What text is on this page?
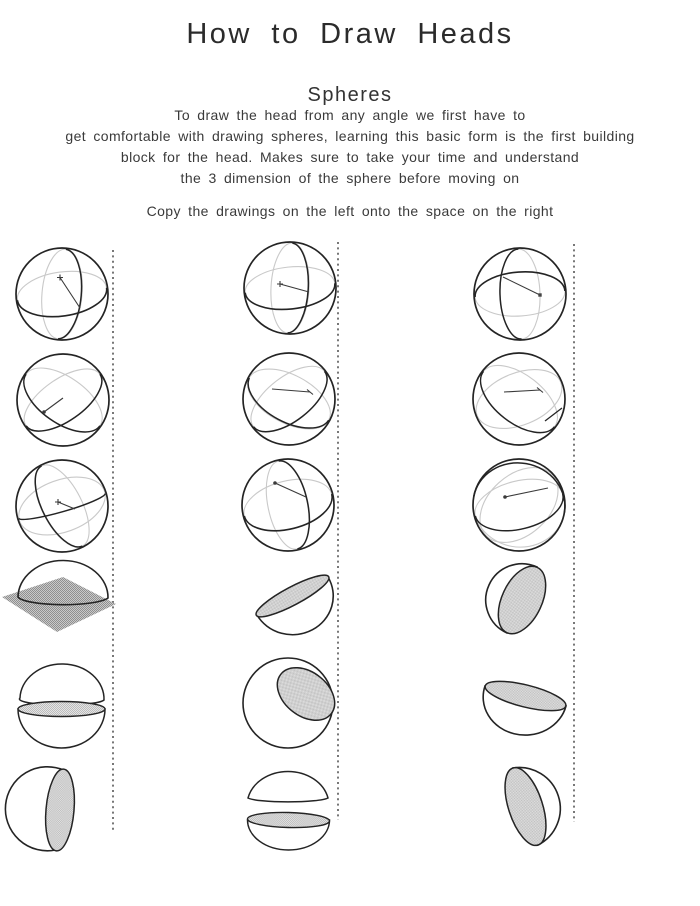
How to Draw Heads
Spheres
To draw the head from any angle we first have to
get comfortable with drawing spheres, learning this basic form is the first building
block for the head. Makes sure to take your time and understand
the 3 dimension of the sphere before moving on
Copy the drawings on the left onto the space on the right
